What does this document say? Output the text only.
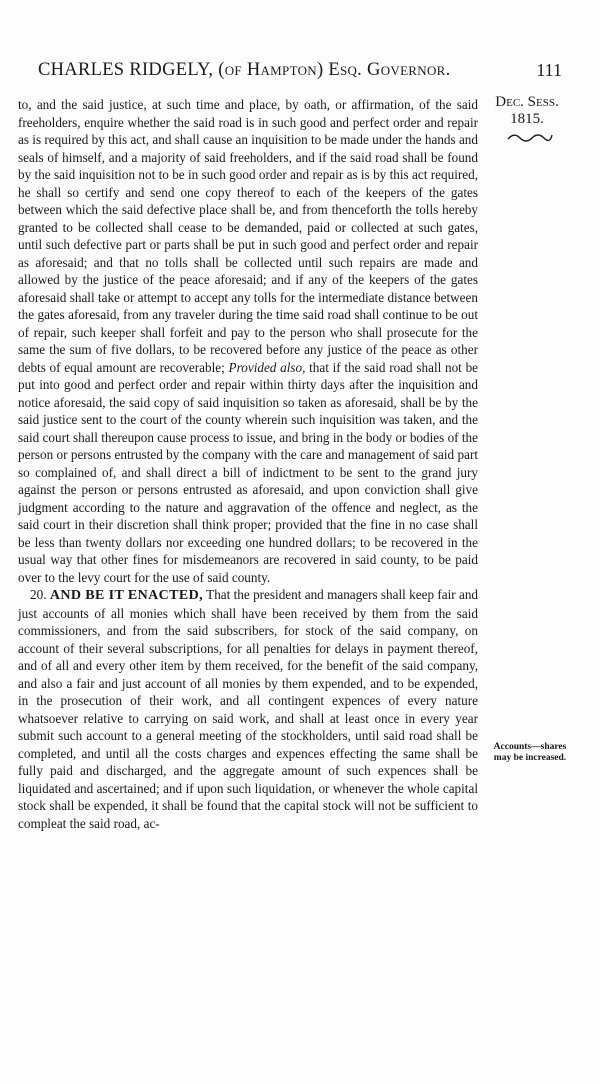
CHARLES RIDGELY, (of Hampton) Esq. Governor.	111
Dec. Sess.
1815.
Accounts—shares may be increased.

to, and the said justice, at such time and place, by oath, or affirmation, of the said freeholders, enquire whether the said road is in such good and perfect order and repair as is required by this act, and shall cause an inquisition to be made under the hands and seals of himself, and a majority of said freeholders, and if the said road shall be found by the said inquisition not to be in such good order and repair as is by this act required, he shall so certify and send one copy thereof to each of the keepers of the gates between which the said defective place shall be, and from thenceforth the tolls hereby granted to be collected shall cease to be demanded, paid or collected at such gates, until such defective part or parts shall be put in such good and perfect order and repair as aforesaid; and that no tolls shall be collected until such repairs are made and allowed by the justice of the peace aforesaid; and if any of the keepers of the gates aforesaid shall take or attempt to accept any tolls for the intermediate distance between the gates aforesaid, from any traveler during the time said road shall continue to be out of repair, such keeper shall forfeit and pay to the person who shall prosecute for the same the sum of five dollars, to be recovered before any justice of the peace as other debts of equal amount are recoverable; Provided also, that if the said road shall not be put into good and perfect order and repair within thirty days after the inquisition and notice aforesaid, the said copy of said inquisition so taken as aforesaid, shall be by the said justice sent to the court of the county wherein such inquisition was taken, and the said court shall thereupon cause process to issue, and bring in the body or bodies of the person or persons entrusted by the company with the care and management of said part so complained of, and shall direct a bill of indictment to be sent to the grand jury against the person or persons entrusted as aforesaid, and upon conviction shall give judgment according to the nature and aggravation of the offence and neglect, as the said court in their discretion shall think proper; provided that the fine in no case shall be less than twenty dollars nor exceeding one hundred dollars; to be recovered in the usual way that other fines for misdemeanors are recovered in said county, to be paid over to the levy court for the use of said county.

20. AND BE IT ENACTED, That the president and managers shall keep fair and just accounts of all monies which shall have been received by them from the said commissioners, and from the said subscribers, for stock of the said company, on account of their several subscriptions, for all penalties for delays in payment thereof, and of all and every other item by them received, for the benefit of the said company, and also a fair and just account of all monies by them expended, and to be expended, in the prosecution of their work, and all contingent expences of every nature whatsoever relative to carrying on said work, and shall at least once in every year submit such account to a general meeting of the stockholders, until said road shall be completed, and until all the costs charges and expences effecting the same shall be fully paid and discharged, and the aggregate amount of such expences shall be liquidated and ascertained; and if upon such liquidation, or whenever the whole capital stock shall be expended, it shall be found that the capital stock will not be sufficient to compleat the said road, ac-
